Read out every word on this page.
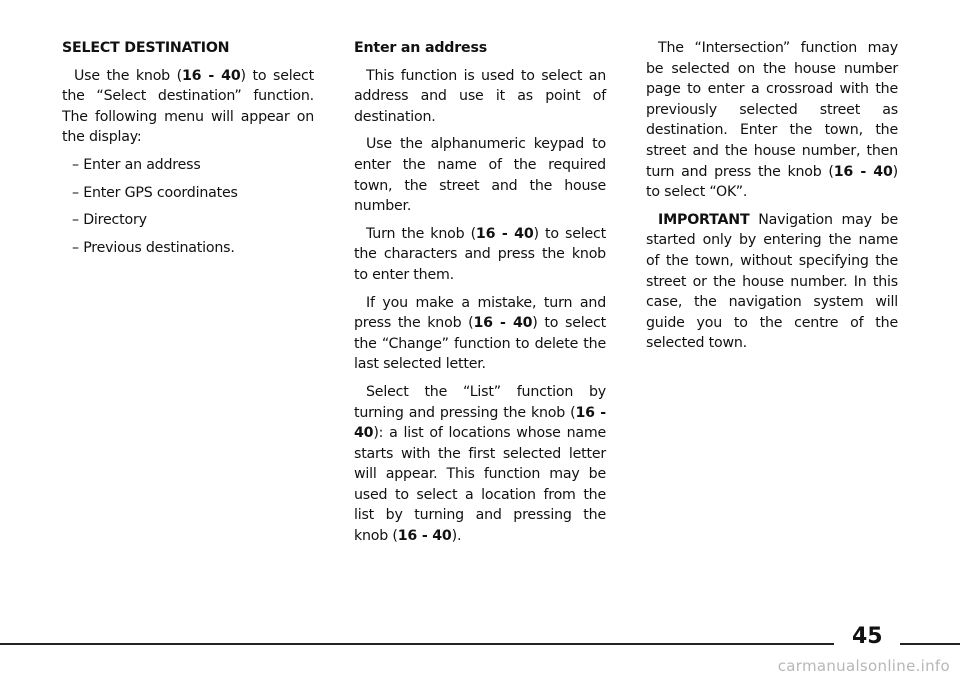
SELECT DESTINATION

Use the knob (16 - 40) to select the “Select destination” function. The following menu will appear on the display:

– Enter an address
– Enter GPS coordinates
– Directory
– Previous destinations.
Enter an address

This function is used to select an address and use it as point of destination.

Use the alphanumeric keypad to enter the name of the required town, the street and the house number.

Turn the knob (16 - 40) to select the characters and press the knob to enter them.

If you make a mistake, turn and press the knob (16 - 40) to select the “Change” function to delete the last selected letter.

Select the “List” function by turning and pressing the knob (16 - 40): a list of locations whose name starts with the first selected letter will appear. This function may be used to select a location from the list by turning and pressing the knob (16 - 40).

The “Intersection” function may be selected on the house number page to enter a crossroad with the previously selected street as destination. Enter the town, the street and the house number, then turn and press the knob (16 - 40) to select “OK”.

IMPORTANT Navigation may be started only by entering the name of the town, without specifying the street or the house number. In this case, the navigation system will guide you to the centre of the selected town.

45
carmanualsonline.info
